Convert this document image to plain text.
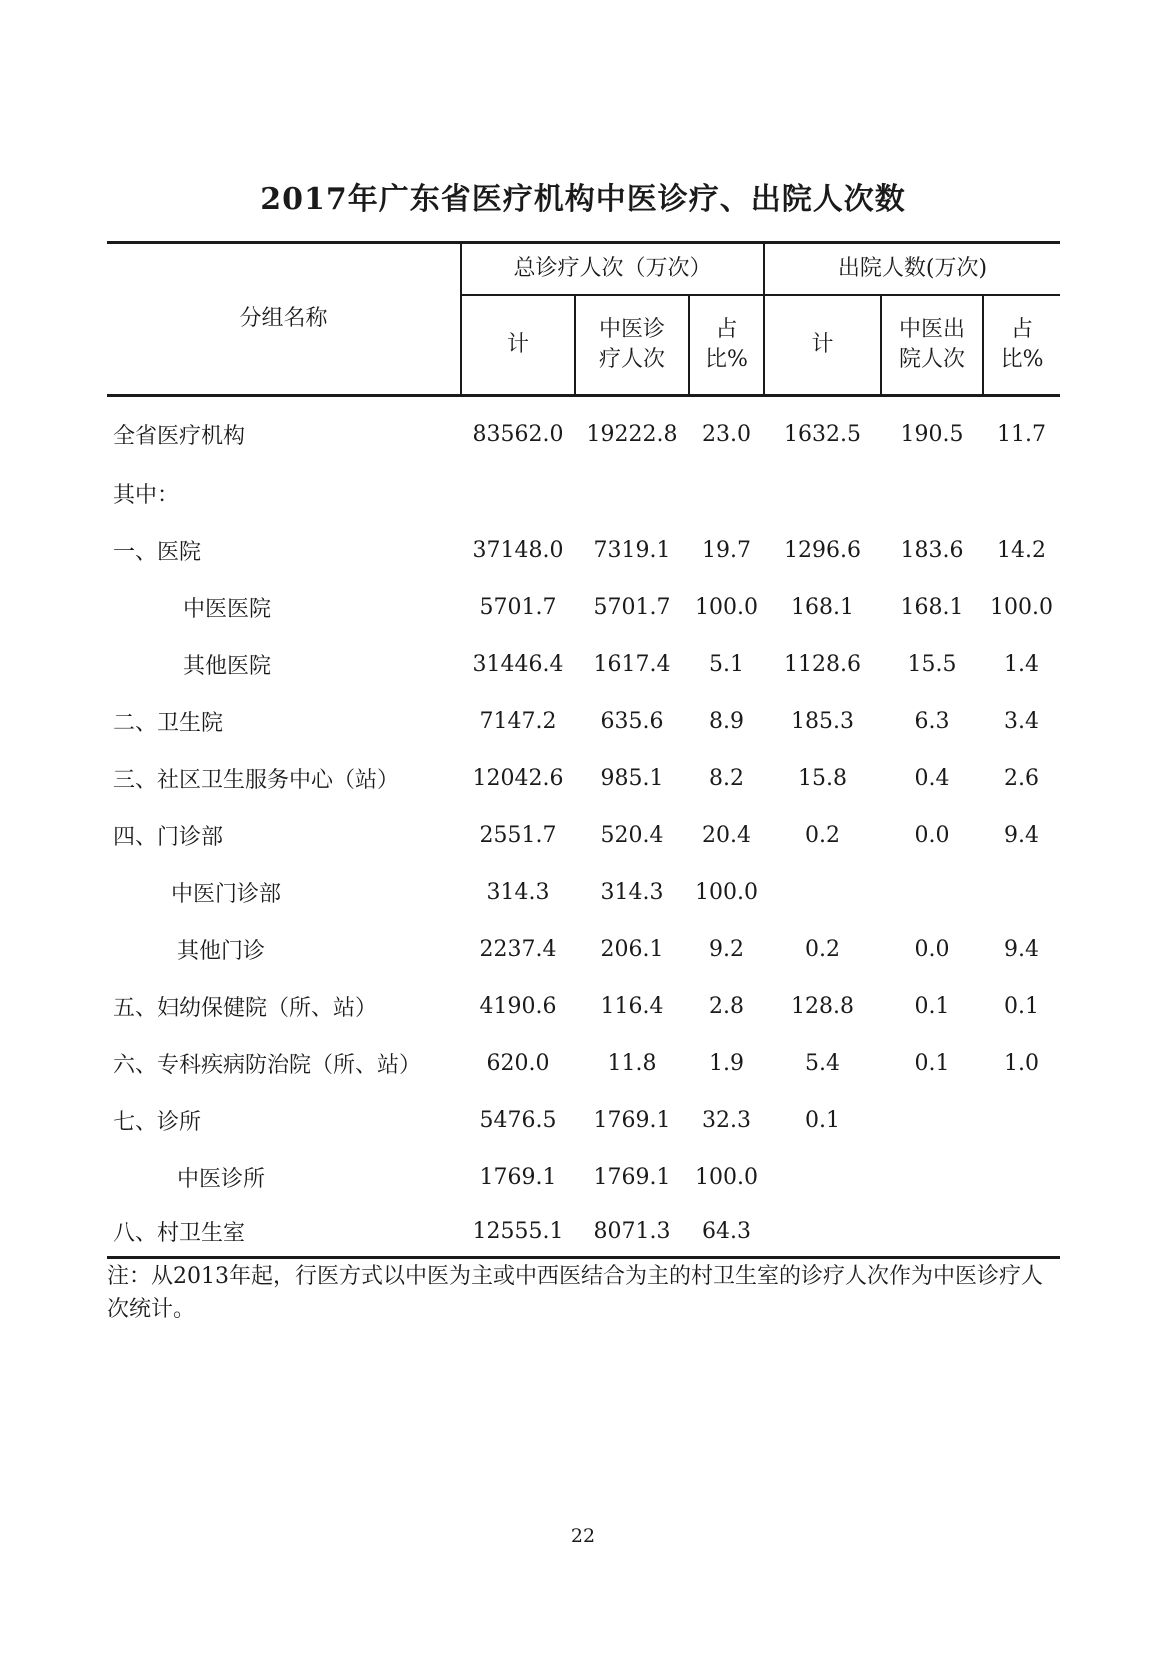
2017年广东省医疗机构中医诊疗、出院人次数
分组名称	总诊疗人次（万次）			出院人数(万次)		
	计	中医诊疗人次	占比%	计	中医出院人次	占比%

全省医疗机构	83562.0	19222.8	23.0	1632.5	190.5	11.7
其中：						
一、医院	37148.0	7319.1	19.7	1296.6	183.6	14.2
中医医院	5701.7	5701.7	100.0	168.1	168.1	100.0
其他医院	31446.4	1617.4	5.1	1128.6	15.5	1.4
二、卫生院	7147.2	635.6	8.9	185.3	6.3	3.4
三、社区卫生服务中心（站）	12042.6	985.1	8.2	15.8	0.4	2.6
四、门诊部	2551.7	520.4	20.4	0.2	0.0	9.4
中医门诊部	314.3	314.3	100.0			
其他门诊	2237.4	206.1	9.2	0.2	0.0	9.4
五、妇幼保健院（所、站）	4190.6	116.4	2.8	128.8	0.1	0.1
六、专科疾病防治院（所、站）	620.0	11.8	1.9	5.4	0.1	1.0
七、诊所	5476.5	1769.1	32.3	0.1		
中医诊所	1769.1	1769.1	100.0			
八、村卫生室	12555.1	8071.3	64.3			
注：从2013年起，行医方式以中医为主或中西医结合为主的村卫生室的诊疗人次作为中医诊疗人次统计。
22
